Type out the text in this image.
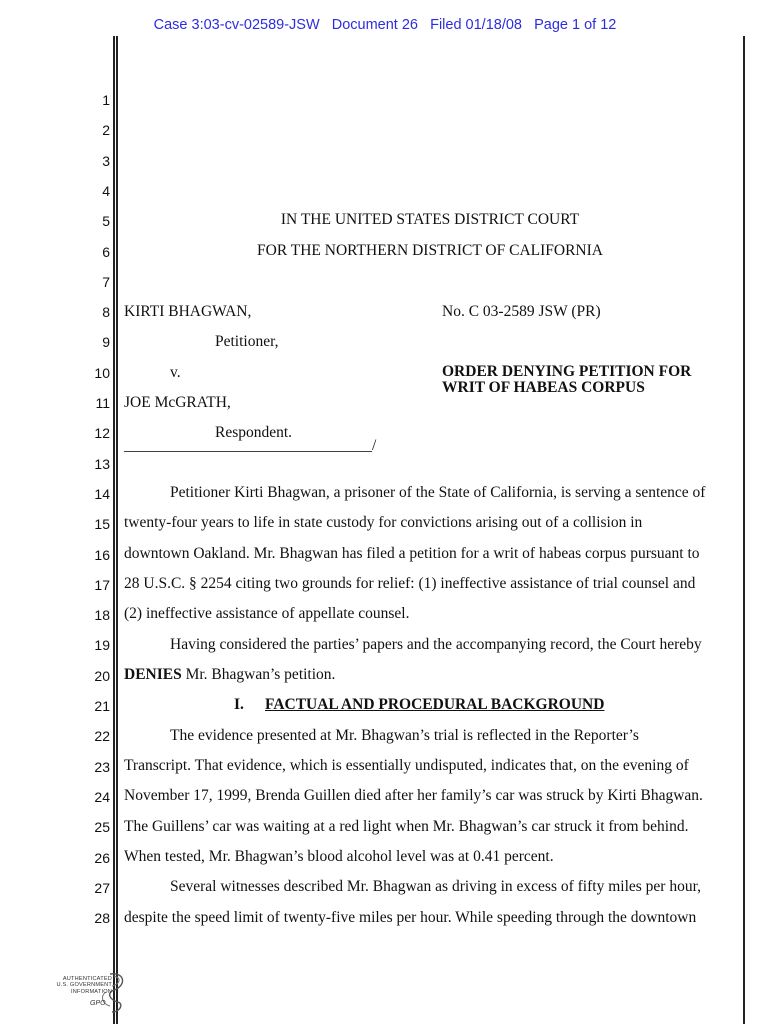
Case 3:03-cv-02589-JSW Document 26 Filed 01/18/08 Page 1 of 12
1
2
3
4
5
6
7
8
9
10
11
12
13
14
15
16
17
18
19
20
21
22
23
24
25
26
27
28
IN THE UNITED STATES DISTRICT COURT
FOR THE NORTHERN DISTRICT OF CALIFORNIA
KIRTI BHAGWAN,	No. C 03-2589 JSW (PR)
Petitioner,
v.	ORDER DENYING PETITION FOR
WRIT OF HABEAS CORPUS
JOE McGRATH,
Respondent.
________________________________/
Petitioner Kirti Bhagwan, a prisoner of the State of California, is serving a sentence of
twenty-four years to life in state custody for convictions arising out of a collision in
downtown Oakland. Mr. Bhagwan has filed a petition for a writ of habeas corpus pursuant to
28 U.S.C. § 2254 citing two grounds for relief: (1) ineffective assistance of trial counsel and
(2) ineffective assistance of appellate counsel.
Having considered the parties’ papers and the accompanying record, the Court hereby
DENIES Mr. Bhagwan’s petition.
I. FACTUAL AND PROCEDURAL BACKGROUND
The evidence presented at Mr. Bhagwan’s trial is reflected in the Reporter’s
Transcript. That evidence, which is essentially undisputed, indicates that, on the evening of
November 17, 1999, Brenda Guillen died after her family’s car was struck by Kirti Bhagwan.
The Guillens’ car was waiting at a red light when Mr. Bhagwan’s car struck it from behind.
When tested, Mr. Bhagwan’s blood alcohol level was at 0.41 percent.
Several witnesses described Mr. Bhagwan as driving in excess of fifty miles per hour,
despite the speed limit of twenty-five miles per hour. While speeding through the downtown
AUTHENTICATED
U.S. GOVERNMENT
INFORMATION
GPO
